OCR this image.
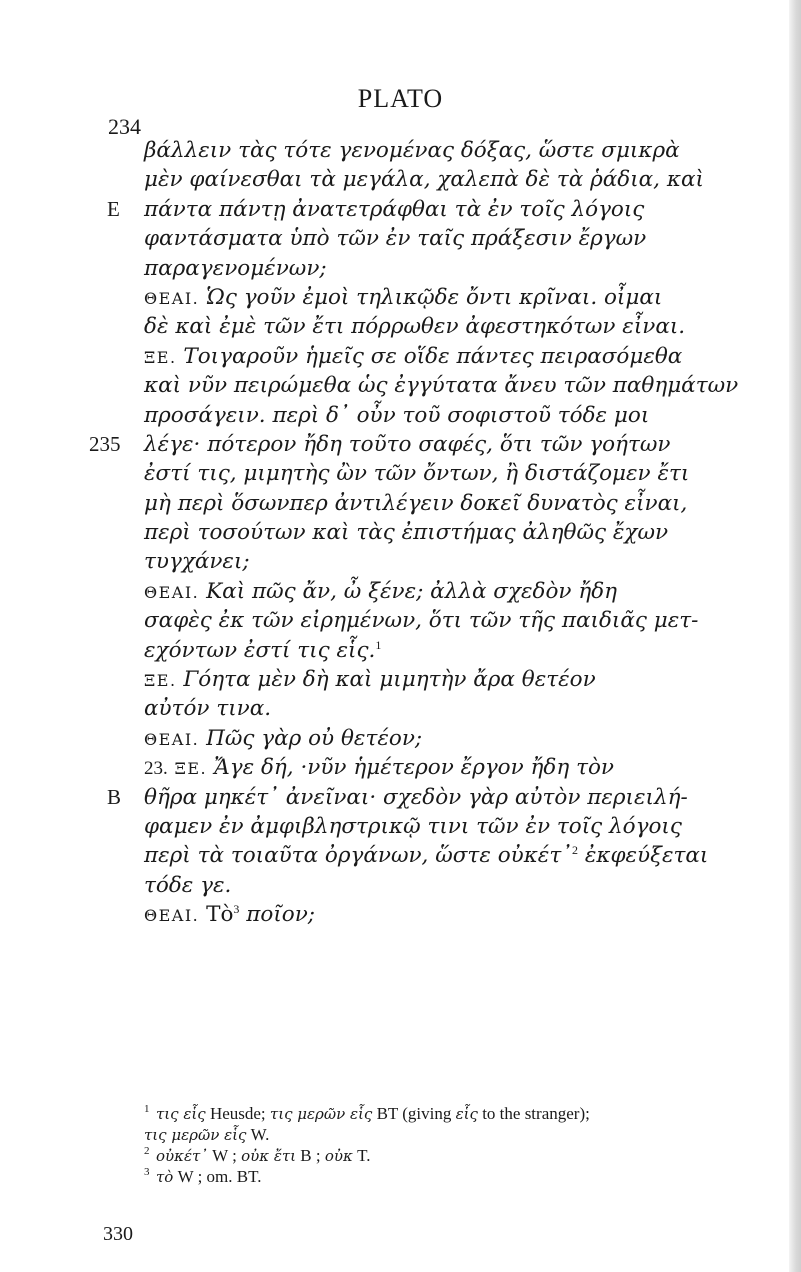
PLATO
234
βάλλειν τὰς τότε γενομένας δόξας, ὥστε σμικρὰ
μὲν φαίνεσθαι τὰ μεγάλα, χαλεπὰ δὲ τὰ ῥάδια, καὶ
E πάντα πάντῃ ἀνατετράφθαι τὰ ἐν τοῖς λόγοις
φαντάσματα ὑπὸ τῶν ἐν ταῖς πράξεσιν ἔργων
παραγενομένων;
ΘΕΑΙ. Ὡς γοῦν ἐμοὶ τηλικῷδε ὄντι κρῖναι. οἶμαι
δὲ καὶ ἐμὲ τῶν ἔτι πόρρωθεν ἀφεστηκότων εἶναι.
ΞΕ. Τοιγαροῦν ἡμεῖς σε οἵδε πάντες πειρασόμεθα
καὶ νῦν πειρώμεθα ὡς ἐγγύτατα ἄνευ τῶν παθημάτων
προσάγειν. περὶ δ᾽ οὖν τοῦ σοφιστοῦ τόδε μοι
235 λέγε· πότερον ἤδη τοῦτο σαφές, ὅτι τῶν γοήτων
ἐστί τις, μιμητὴς ὢν τῶν ὄντων, ἢ διστάζομεν ἔτι
μὴ περὶ ὅσωνπερ ἀντιλέγειν δοκεῖ δυνατὸς εἶναι,
περὶ τοσούτων καὶ τὰς ἐπιστήμας ἀληθῶς ἔχων
τυγχάνει;
ΘΕΑΙ. Καὶ πῶς ἄν, ὦ ξένε; ἀλλὰ σχεδὸν ἤδη
σαφὲς ἐκ τῶν εἰρημένων, ὅτι τῶν τῆς παιδιᾶς μετ-
εχόντων ἐστί τις εἷς.$^1$
ΞΕ. Γόητα μὲν δὴ καὶ μιμητὴν ἄρα θετέον
αὐτόν τινα.
ΘΕΑΙ. Πῶς γὰρ οὐ θετέον;
23. ΞΕ. Ἄγε δή, ·νῦν ἡμέτερον ἔργον ἤδη τὸν
B θῆρα μηκέτ᾽ ἀνεῖναι· σχεδὸν γὰρ αὐτὸν περιειλή-
φαμεν ἐν ἀμφιβληστρικῷ τινι τῶν ἐν τοῖς λόγοις
περὶ τὰ τοιαῦτα ὀργάνων, ὥστε οὐκέτ᾽$^2$ ἐκφεύξεται
τόδε γε.
ΘΕΑΙ. Τὸ$^3$ ποῖον;
1 τις εἷς Heusde; τις μερῶν εἷς BT (giving εἷς to the stranger);
τις μερῶν εἷς W.
2 οὐκέτ᾽ W ; οὐκ ἔτι B ; οὐκ T.
3 τὸ W ; om. BT.
330
